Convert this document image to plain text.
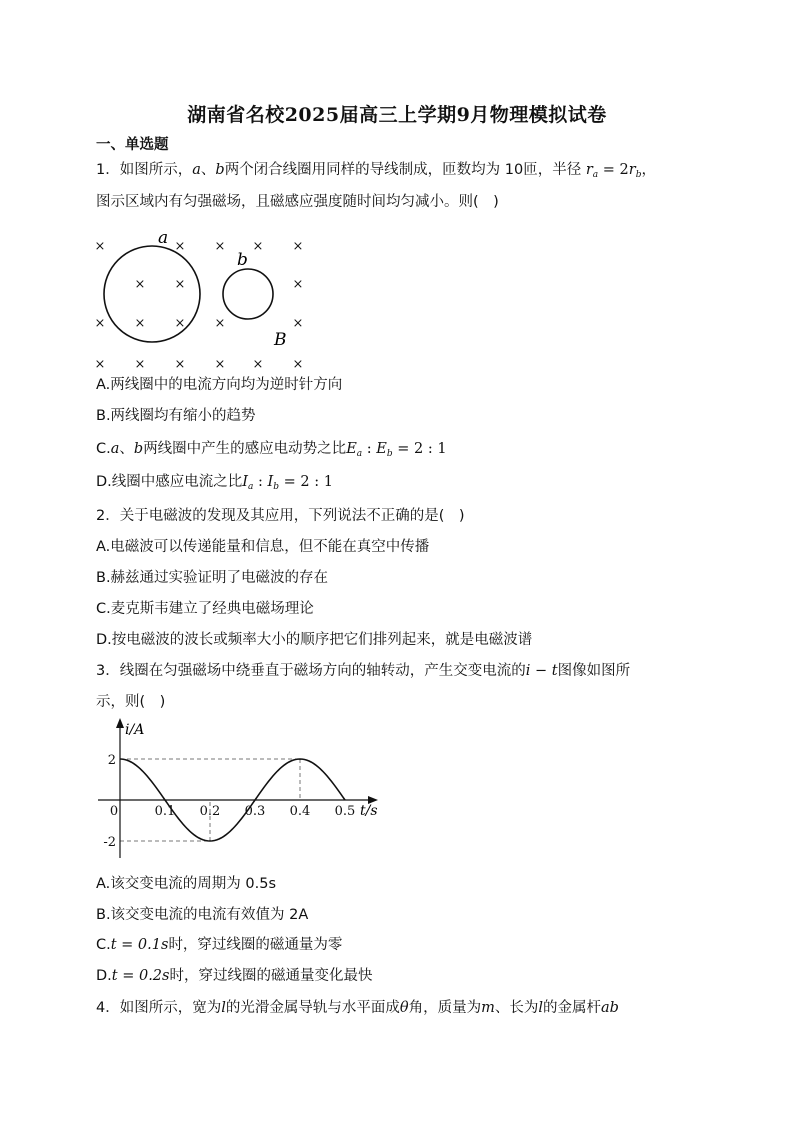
湖南省名校2025届高三上学期9月物理模拟试卷
一、单选题
1．如图所示，a、b两个闭合线圈用同样的导线制成，匝数均为 10匝，半径 $r_a = 2r_b$，
图示区域内有匀强磁场，且磁感应强度随时间均匀减小。则(　)
×	× × × ×
× ×	×
× × × ×	×
× × × × × ×
a
b
B
A.两线圈中的电流方向均为逆时针方向
B.两线圈均有缩小的趋势
C.a、b两线圈中产生的感应电动势之比$E_a$ : $E_b = 2$ : 1
D.线圈中感应电流之比$I_a$ : $I_b = 2$ : 1
2．关于电磁波的发现及其应用，下列说法不正确的是(　)
A.电磁波可以传递能量和信息，但不能在真空中传播
B.赫兹通过实验证明了电磁波的存在
C.麦克斯韦建立了经典电磁场理论
D.按电磁波的波长或频率大小的顺序把它们排列起来，就是电磁波谱
3．线圈在匀强磁场中绕垂直于磁场方向的轴转动，产生交变电流的i − t图像如图所
示，则(　)
0	0.1 0.2 0.3 0.4 0.5
2
-2
i/A
t/s
A.该交变电流的周期为 0.5s
B.该交变电流的电流有效值为 2A
C.t = 0.1s时，穿过线圈的磁通量为零
D.t = 0.2s时，穿过线圈的磁通量变化最快
4．如图所示，宽为l的光滑金属导轨与水平面成θ角，质量为m、长为l的金属杆ab
